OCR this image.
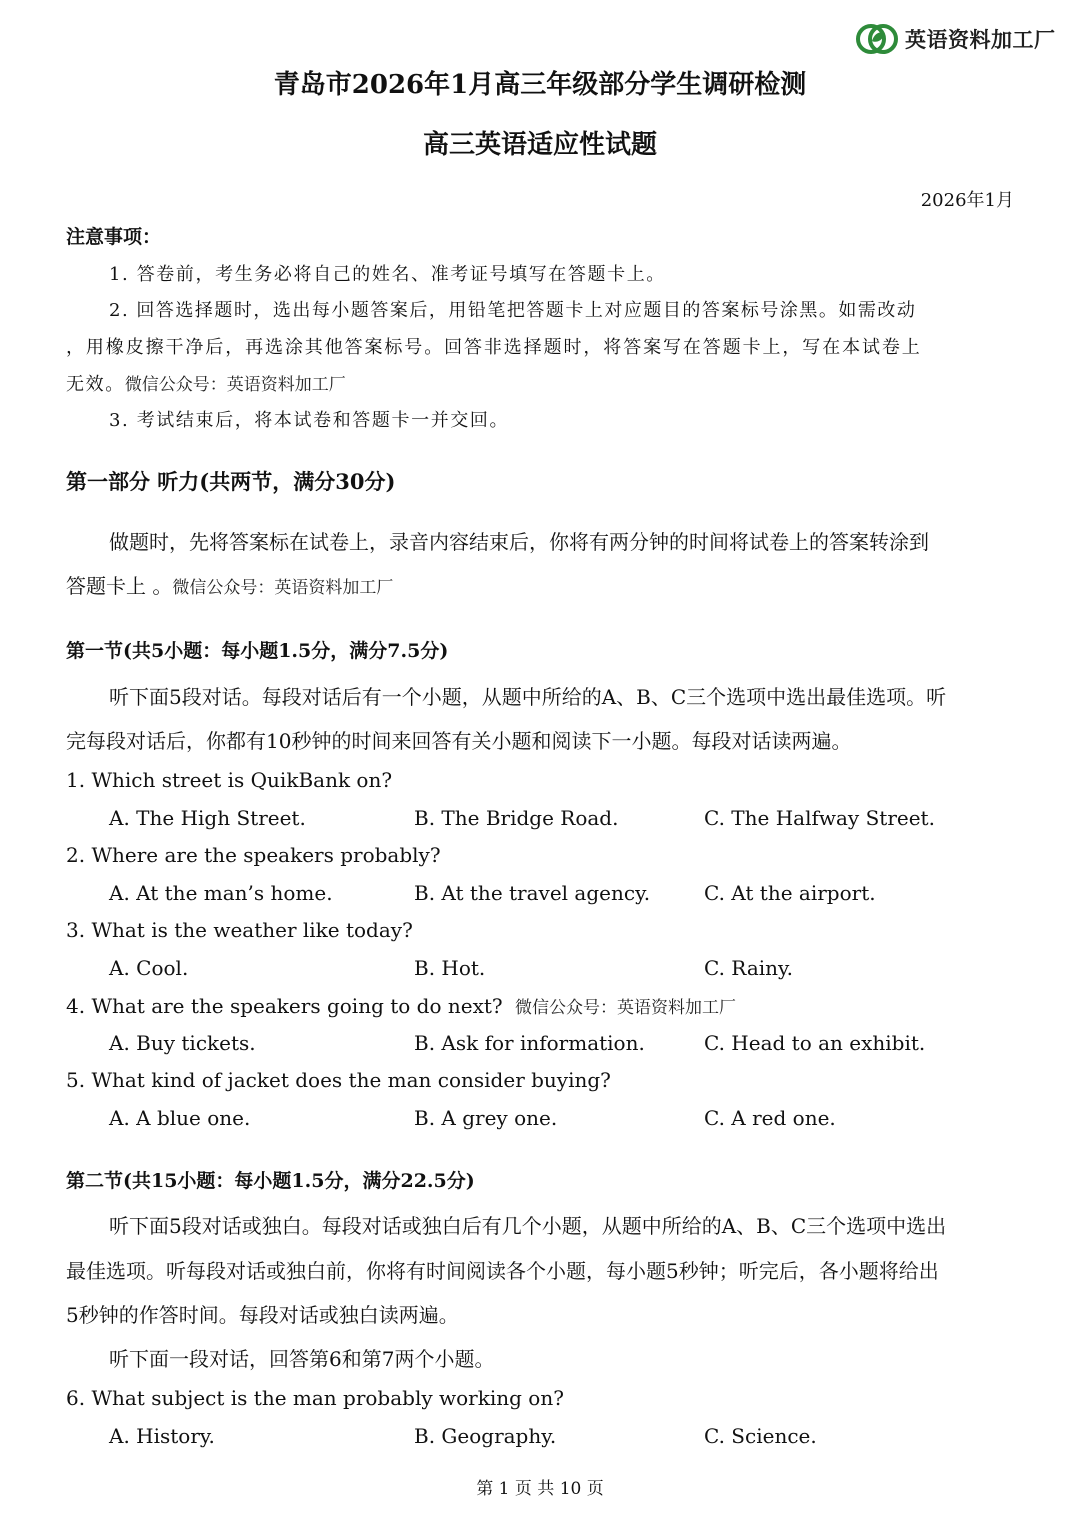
英语资料加工厂
青岛市2026年1月高三年级部分学生调研检测
高三英语适应性试题
2026年1月
注意事项：
1. 答卷前，考生务必将自己的姓名、准考证号填写在答题卡上。
2. 回答选择题时，选出每小题答案后，用铅笔把答题卡上对应题目的答案标号涂黑。如需改动
，用橡皮擦干净后，再选涂其他答案标号。回答非选择题时，将答案写在答题卡上，写在本试卷上
无效。微信公众号：英语资料加工厂
3. 考试结束后，将本试卷和答题卡一并交回。
第一部分 听力(共两节，满分30分)
做题时，先将答案标在试卷上，录音内容结束后，你将有两分钟的时间将试卷上的答案转涂到
答题卡上 。微信公众号：英语资料加工厂
第一节(共5小题：每小题1.5分，满分7.5分)
听下面5段对话。每段对话后有一个小题，从题中所给的A、B、C三个选项中选出最佳选项。听
完每段对话后，你都有10秒钟的时间来回答有关小题和阅读下一小题。每段对话读两遍。
1. Which street is QuikBank on?
A. The High Street.	B. The Bridge Road.	C. The Halfway Street.
2. Where are the speakers probably?
A. At the man’s home.	B. At the travel agency.	C. At the airport.
3. What is the weather like today?
A. Cool.	B. Hot.	C. Rainy.
4. What are the speakers going to do next? 微信公众号：英语资料加工厂
A. Buy tickets.	B. Ask for information.	C. Head to an exhibit.
5. What kind of jacket does the man consider buying?
A. A blue one.	B. A grey one.	C. A red one.
第二节(共15小题：每小题1.5分，满分22.5分)
听下面5段对话或独白。每段对话或独白后有几个小题，从题中所给的A、B、C三个选项中选出
最佳选项。听每段对话或独白前，你将有时间阅读各个小题，每小题5秒钟；听完后，各小题将给出
5秒钟的作答时间。每段对话或独白读两遍。
听下面一段对话，回答第6和第7两个小题。
6. What subject is the man probably working on?
A. History.	B. Geography.	C. Science.
第 1 页 共 10 页
